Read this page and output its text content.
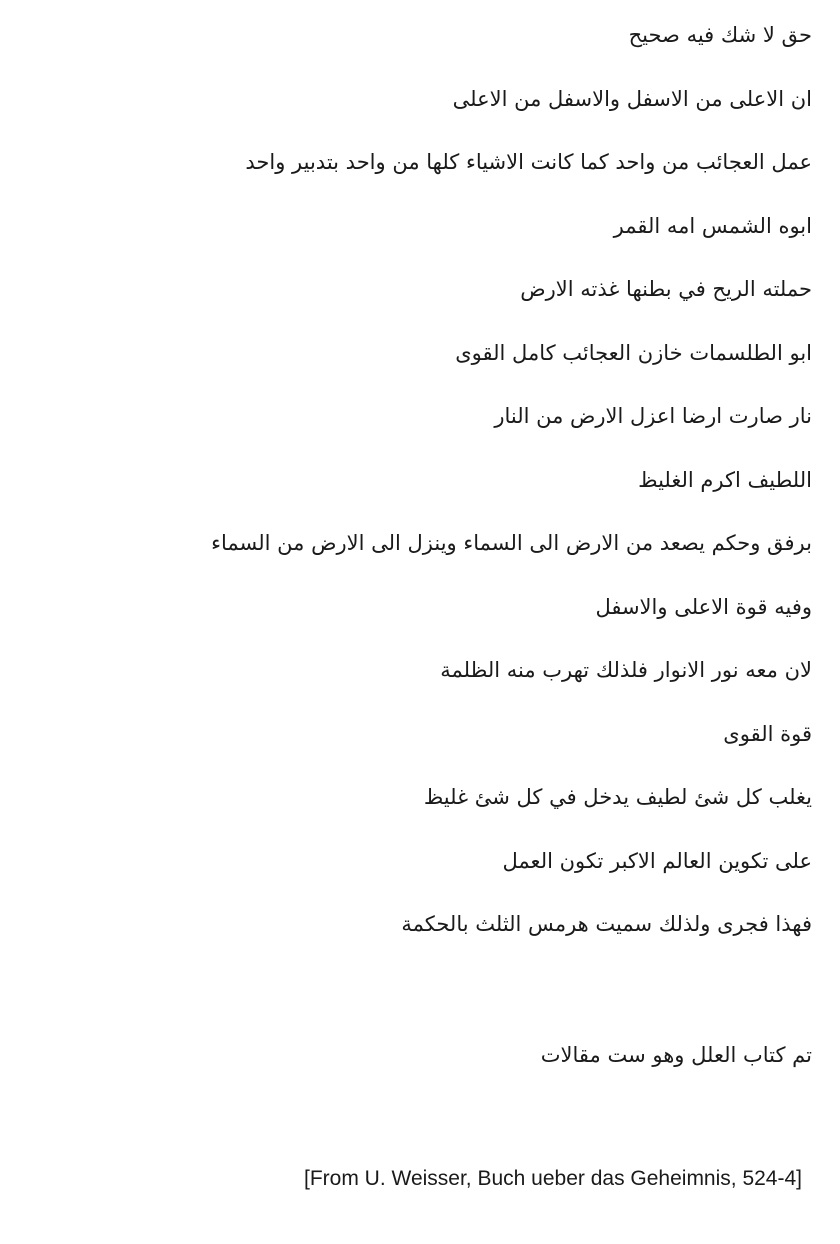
حق لا شك فيه صحيح
ان الاعلى من الاسفل والاسفل من الاعلى
عمل العجائب من واحد كما كانت الاشياء كلها من واحد بتدبير واحد
ابوه الشمس امه القمر
حملته الريح في بطنها غذته الارض
ابو الطلسمات خازن العجائب كامل القوى
نار صارت ارضا اعزل الارض من النار
اللطيف اكرم الغليظ
برفق وحكم يصعد من الارض الى السماء وينزل الى الارض من السماء
وفيه قوة الاعلى والاسفل
لان معه نور الانوار فلذلك تهرب منه الظلمة
قوة القوى
يغلب كل شئ لطيف يدخل في كل شئ غليظ
على تكوين العالم الاكبر تكون العمل
فهذا فجرى ولذلك سميت هرمس الثلث بالحكمة
تم كتاب العلل وهو ست مقالات
[From U. Weisser, Buch ueber das Geheimnis, 524-4]
